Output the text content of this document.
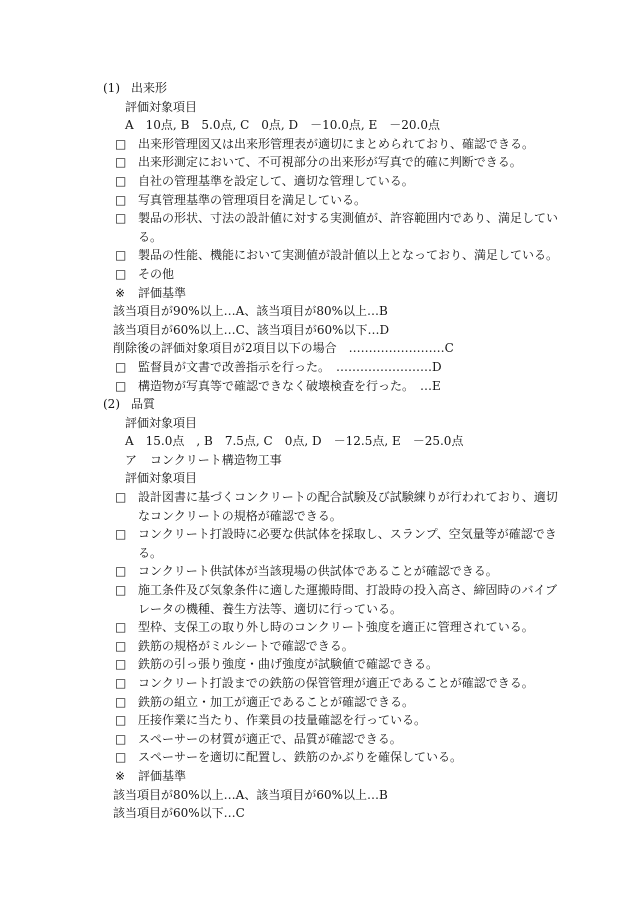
(1) 出来形
評価対象項目
A　10点, B　5.0点, C　0点, D　－10.0点, E　－20.0点
□ 出来形管理図又は出来形管理表が適切にまとめられており、確認できる。
□ 出来形測定において、不可視部分の出来形が写真で的確に判断できる。
□ 自社の管理基準を設定して、適切な管理している。
□ 写真管理基準の管理項目を満足している。
□ 製品の形状、寸法の設計値に対する実測値が、許容範囲内であり、満足してい
る。
□ 製品の性能、機能において実測値が設計値以上となっており、満足している。
□ その他
※ 評価基準
該当項目が90%以上…A、該当項目が80%以上…B
該当項目が60%以上…C、該当項目が60%以下…D
削除後の評価対象項目が2項目以下の場合　……………………C
□ 監督員が文書で改善指示を行った。　……………………D
□ 構造物が写真等で確認できなく破壊検査を行った。　…E
(2) 品質
評価対象項目
A　15.0点　, B　7.5点, C　0点, D　－12.5点, E　－25.0点
ア コンクリート構造物工事
評価対象項目
□ 設計図書に基づくコンクリートの配合試験及び試験練りが行われており、適切
なコンクリートの規格が確認できる。
□ コンクリート打設時に必要な供試体を採取し、スランプ、空気量等が確認でき
る。
□ コンクリート供試体が当該現場の供試体であることが確認できる。
□ 施工条件及び気象条件に適した運搬時間、打設時の投入高さ、締固時のバイブ
レータの機種、養生方法等、適切に行っている。
□ 型枠、支保工の取り外し時のコンクリート強度を適正に管理されている。
□ 鉄筋の規格がミルシートで確認できる。
□ 鉄筋の引っ張り強度・曲げ強度が試験値で確認できる。
□ コンクリート打設までの鉄筋の保管管理が適正であることが確認できる。
□ 鉄筋の組立・加工が適正であることが確認できる。
□ 圧接作業に当たり、作業員の技量確認を行っている。
□ スペーサーの材質が適正で、品質が確認できる。
□ スペーサーを適切に配置し、鉄筋のかぶりを確保している。
※ 評価基準
該当項目が80%以上…A、該当項目が60%以上…B
該当項目が60%以下…C
